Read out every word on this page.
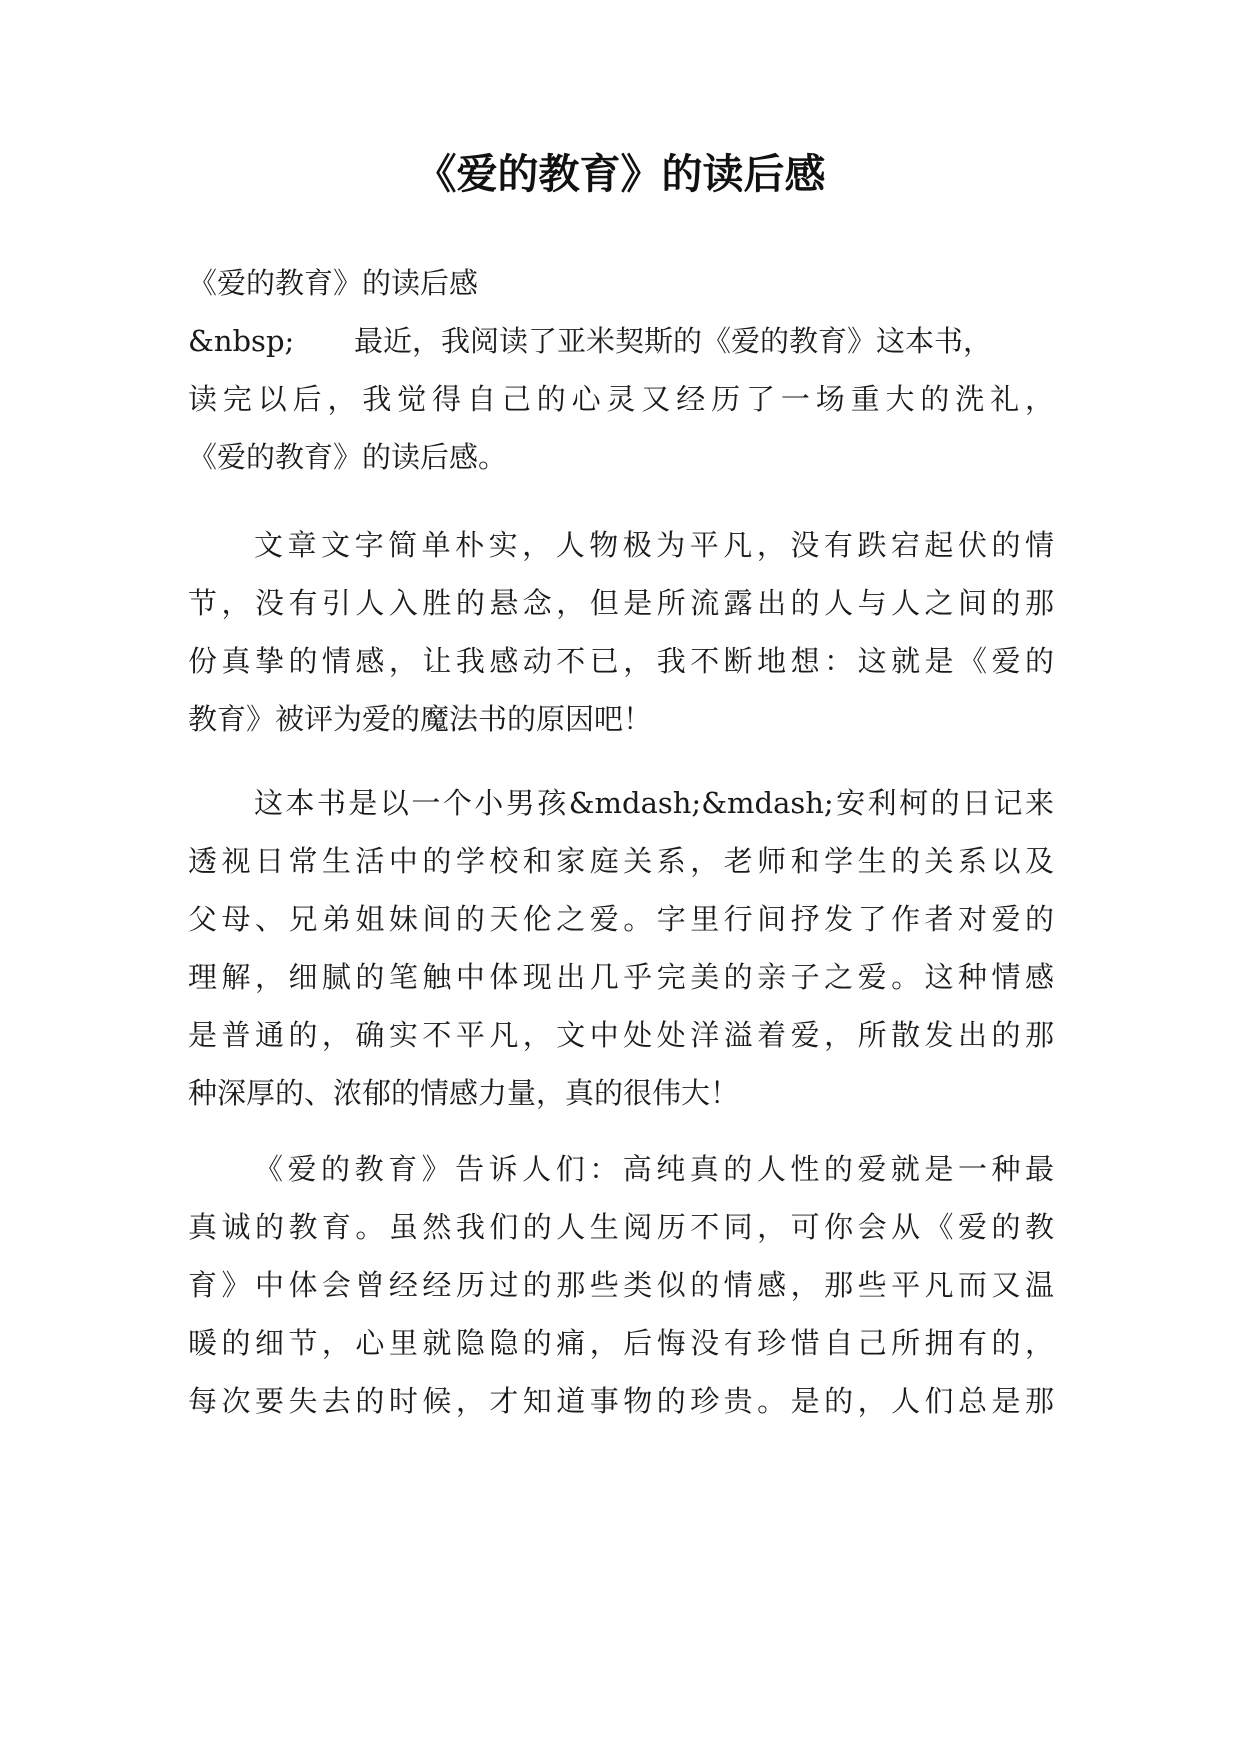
《爱的教育》的读后感
《爱的教育》的读后感
&nbsp; 最近，我阅读了亚米契斯的《爱的教育》这本书，
读完以后，我觉得自己的心灵又经历了一场重大的洗礼，
《爱的教育》的读后感。
文章文字简单朴实，人物极为平凡，没有跌宕起伏的情
节，没有引人入胜的悬念，但是所流露出的人与人之间的那
份真挚的情感，让我感动不已，我不断地想：这就是《爱的
教育》被评为爱的魔法书的原因吧！
这本书是以一个小男孩&mdash;&mdash;安利柯的日记来
透视日常生活中的学校和家庭关系，老师和学生的关系以及
父母、兄弟姐妹间的天伦之爱。字里行间抒发了作者对爱的
理解，细腻的笔触中体现出几乎完美的亲子之爱。这种情感
是普通的，确实不平凡，文中处处洋溢着爱，所散发出的那
种深厚的、浓郁的情感力量，真的很伟大！
《爱的教育》告诉人们：高纯真的人性的爱就是一种最
真诚的教育。虽然我们的人生阅历不同，可你会从《爱的教
育》中体会曾经经历过的那些类似的情感，那些平凡而又温
暖的细节，心里就隐隐的痛，后悔没有珍惜自己所拥有的，
每次要失去的时候，才知道事物的珍贵。是的，人们总是那
